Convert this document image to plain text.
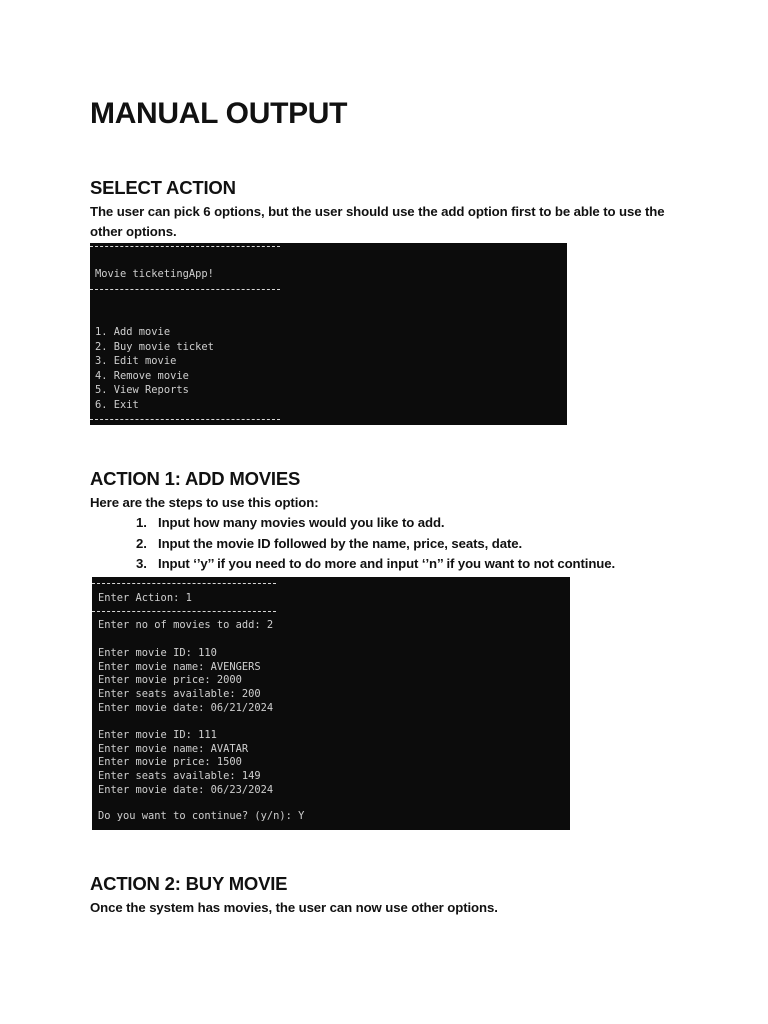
MANUAL OUTPUT
SELECT ACTION
The user can pick 6 options, but the user should use the add option first to be able to use the other options.
Movie ticketingApp!
1. Add movie
2. Buy movie ticket
3. Edit movie
4. Remove movie
5. View Reports
6. Exit
ACTION 1: ADD MOVIES
Here are the steps to use this option:
1. Input how many movies would you like to add.
2. Input the movie ID followed by the name, price, seats, date.
3. Input ‘’y’’ if you need to do more and input ‘’n’’ if you want to not continue.
Enter Action: 1
Enter no of movies to add: 2
Enter movie ID: 110
Enter movie name: AVENGERS
Enter movie price: 2000
Enter seats available: 200
Enter movie date: 06/21/2024
Enter movie ID: 111
Enter movie name: AVATAR
Enter movie price: 1500
Enter seats available: 149
Enter movie date: 06/23/2024
Do you want to continue? (y/n): Y
ACTION 2: BUY MOVIE
Once the system has movies, the user can now use other options.
